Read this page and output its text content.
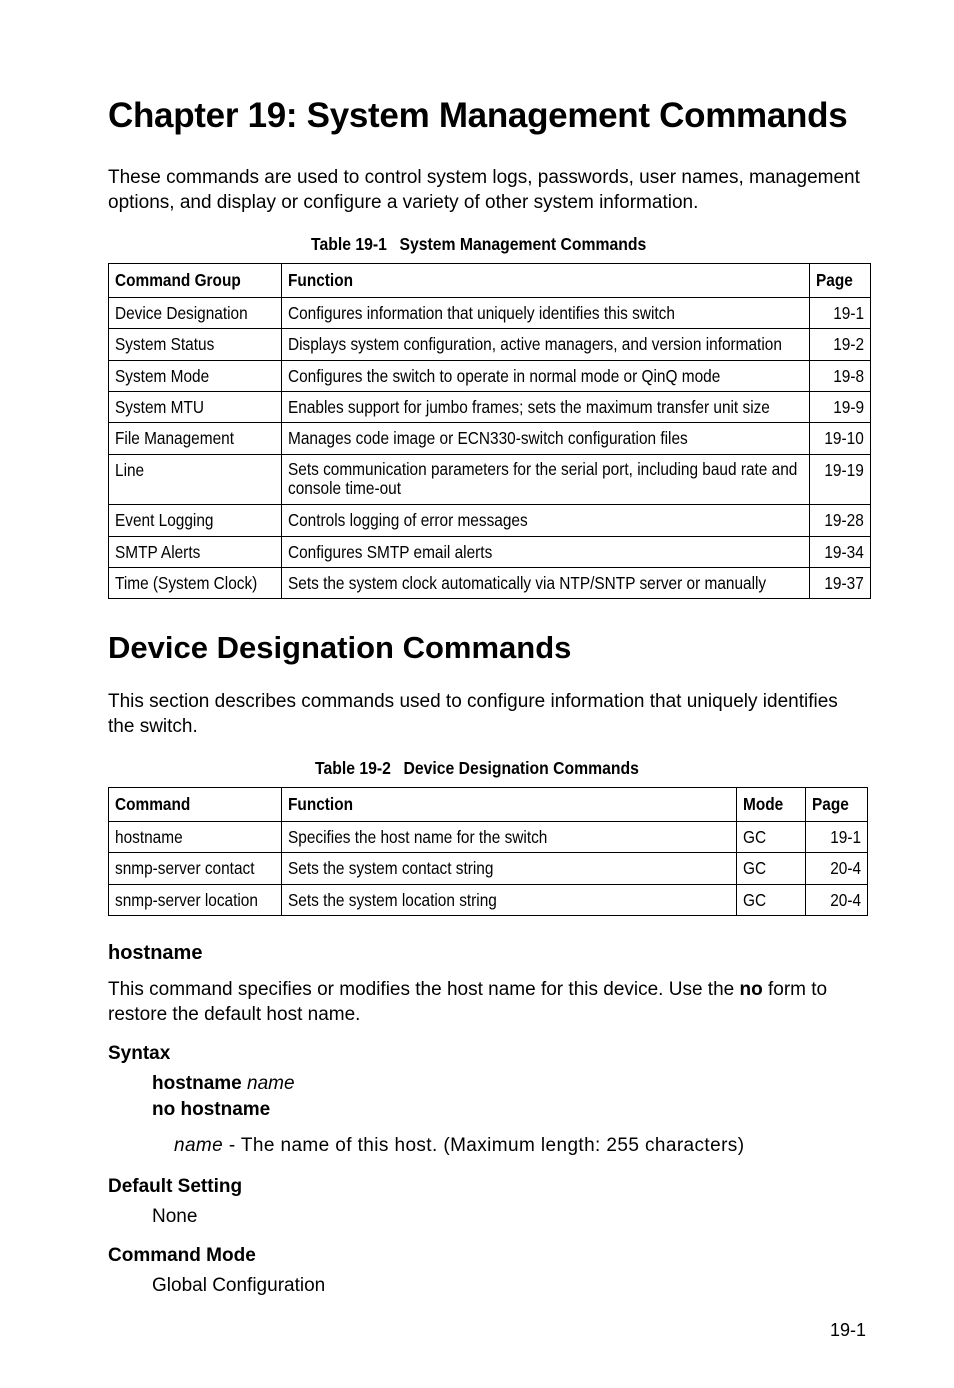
Chapter 19: System Management Commands

These commands are used to control system logs, passwords, user names, management options, and display or configure a variety of other system information.

Table 19-1 System Management Commands
Command Group	Function	Page
Device Designation	Configures information that uniquely identifies this switch	19-1
System Status	Displays system configuration, active managers, and version information	19-2
System Mode	Configures the switch to operate in normal mode or QinQ mode	19-8
System MTU	Enables support for jumbo frames; sets the maximum transfer unit size	19-9
File Management	Manages code image or ECN330-switch configuration files	19-10
Line	Sets communication parameters for the serial port, including baud rate and console time-out	19-19
Event Logging	Controls logging of error messages	19-28
SMTP Alerts	Configures SMTP email alerts	19-34
Time (System Clock)	Sets the system clock automatically via NTP/SNTP server or manually	19-37
Device Designation Commands

This section describes commands used to configure information that uniquely identifies the switch.

Table 19-2 Device Designation Commands
Command	Function	Mode	Page
hostname	Specifies the host name for the switch	GC	19-1
snmp-server contact	Sets the system contact string	GC	20-4
snmp-server location	Sets the system location string	GC	20-4
hostname

This command specifies or modifies the host name for this device. Use the no form to restore the default host name.

Syntax
hostname name
no hostname
name - The name of this host. (Maximum length: 255 characters)
Default Setting
None
Command Mode
Global Configuration
19-1
